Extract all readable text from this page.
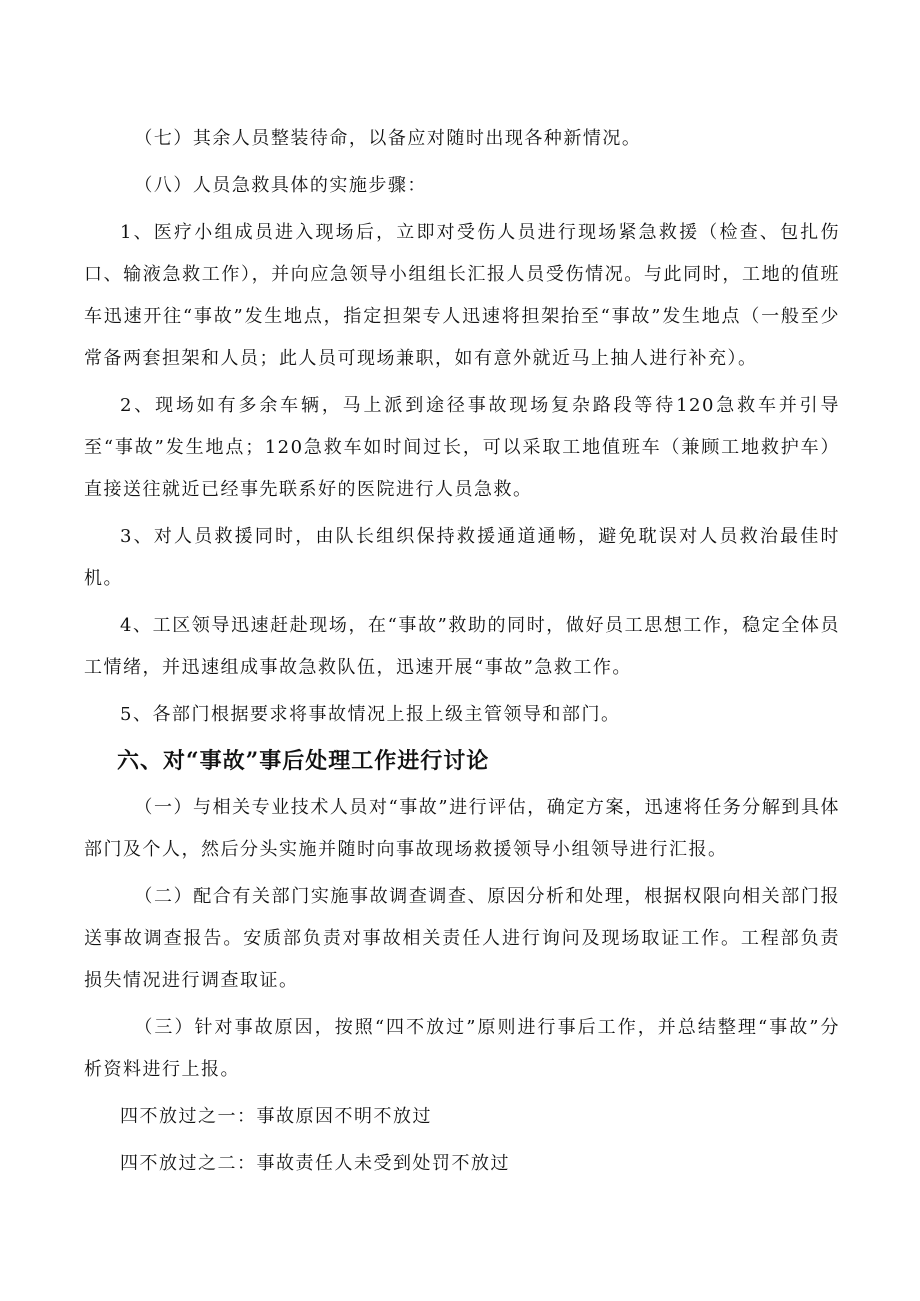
（七）其余人员整装待命，以备应对随时出现各种新情况。

（八）人员急救具体的实施步骤：

1、医疗小组成员进入现场后，立即对受伤人员进行现场紧急救援（检查、包扎伤口、输液急救工作），并向应急领导小组组长汇报人员受伤情况。与此同时，工地的值班车迅速开往“事故”发生地点，指定担架专人迅速将担架抬至“事故”发生地点（一般至少常备两套担架和人员；此人员可现场兼职，如有意外就近马上抽人进行补充）。

2、现场如有多余车辆，马上派到途径事故现场复杂路段等待120急救车并引导至“事故”发生地点；120急救车如时间过长，可以采取工地值班车（兼顾工地救护车）直接送往就近已经事先联系好的医院进行人员急救。

3、对人员救援同时，由队长组织保持救援通道通畅，避免耽误对人员救治最佳时机。

4、工区领导迅速赶赴现场，在“事故”救助的同时，做好员工思想工作，稳定全体员工情绪，并迅速组成事故急救队伍，迅速开展“事故”急救工作。

5、各部门根据要求将事故情况上报上级主管领导和部门。

六、对“事故”事后处理工作进行讨论

（一）与相关专业技术人员对“事故”进行评估，确定方案，迅速将任务分解到具体部门及个人，然后分头实施并随时向事故现场救援领导小组领导进行汇报。

（二）配合有关部门实施事故调查调查、原因分析和处理，根据权限向相关部门报送事故调查报告。安质部负责对事故相关责任人进行询问及现场取证工作。工程部负责损失情况进行调查取证。

（三）针对事故原因，按照“四不放过”原则进行事后工作，并总结整理“事故”分析资料进行上报。

四不放过之一：事故原因不明不放过

四不放过之二：事故责任人未受到处罚不放过
